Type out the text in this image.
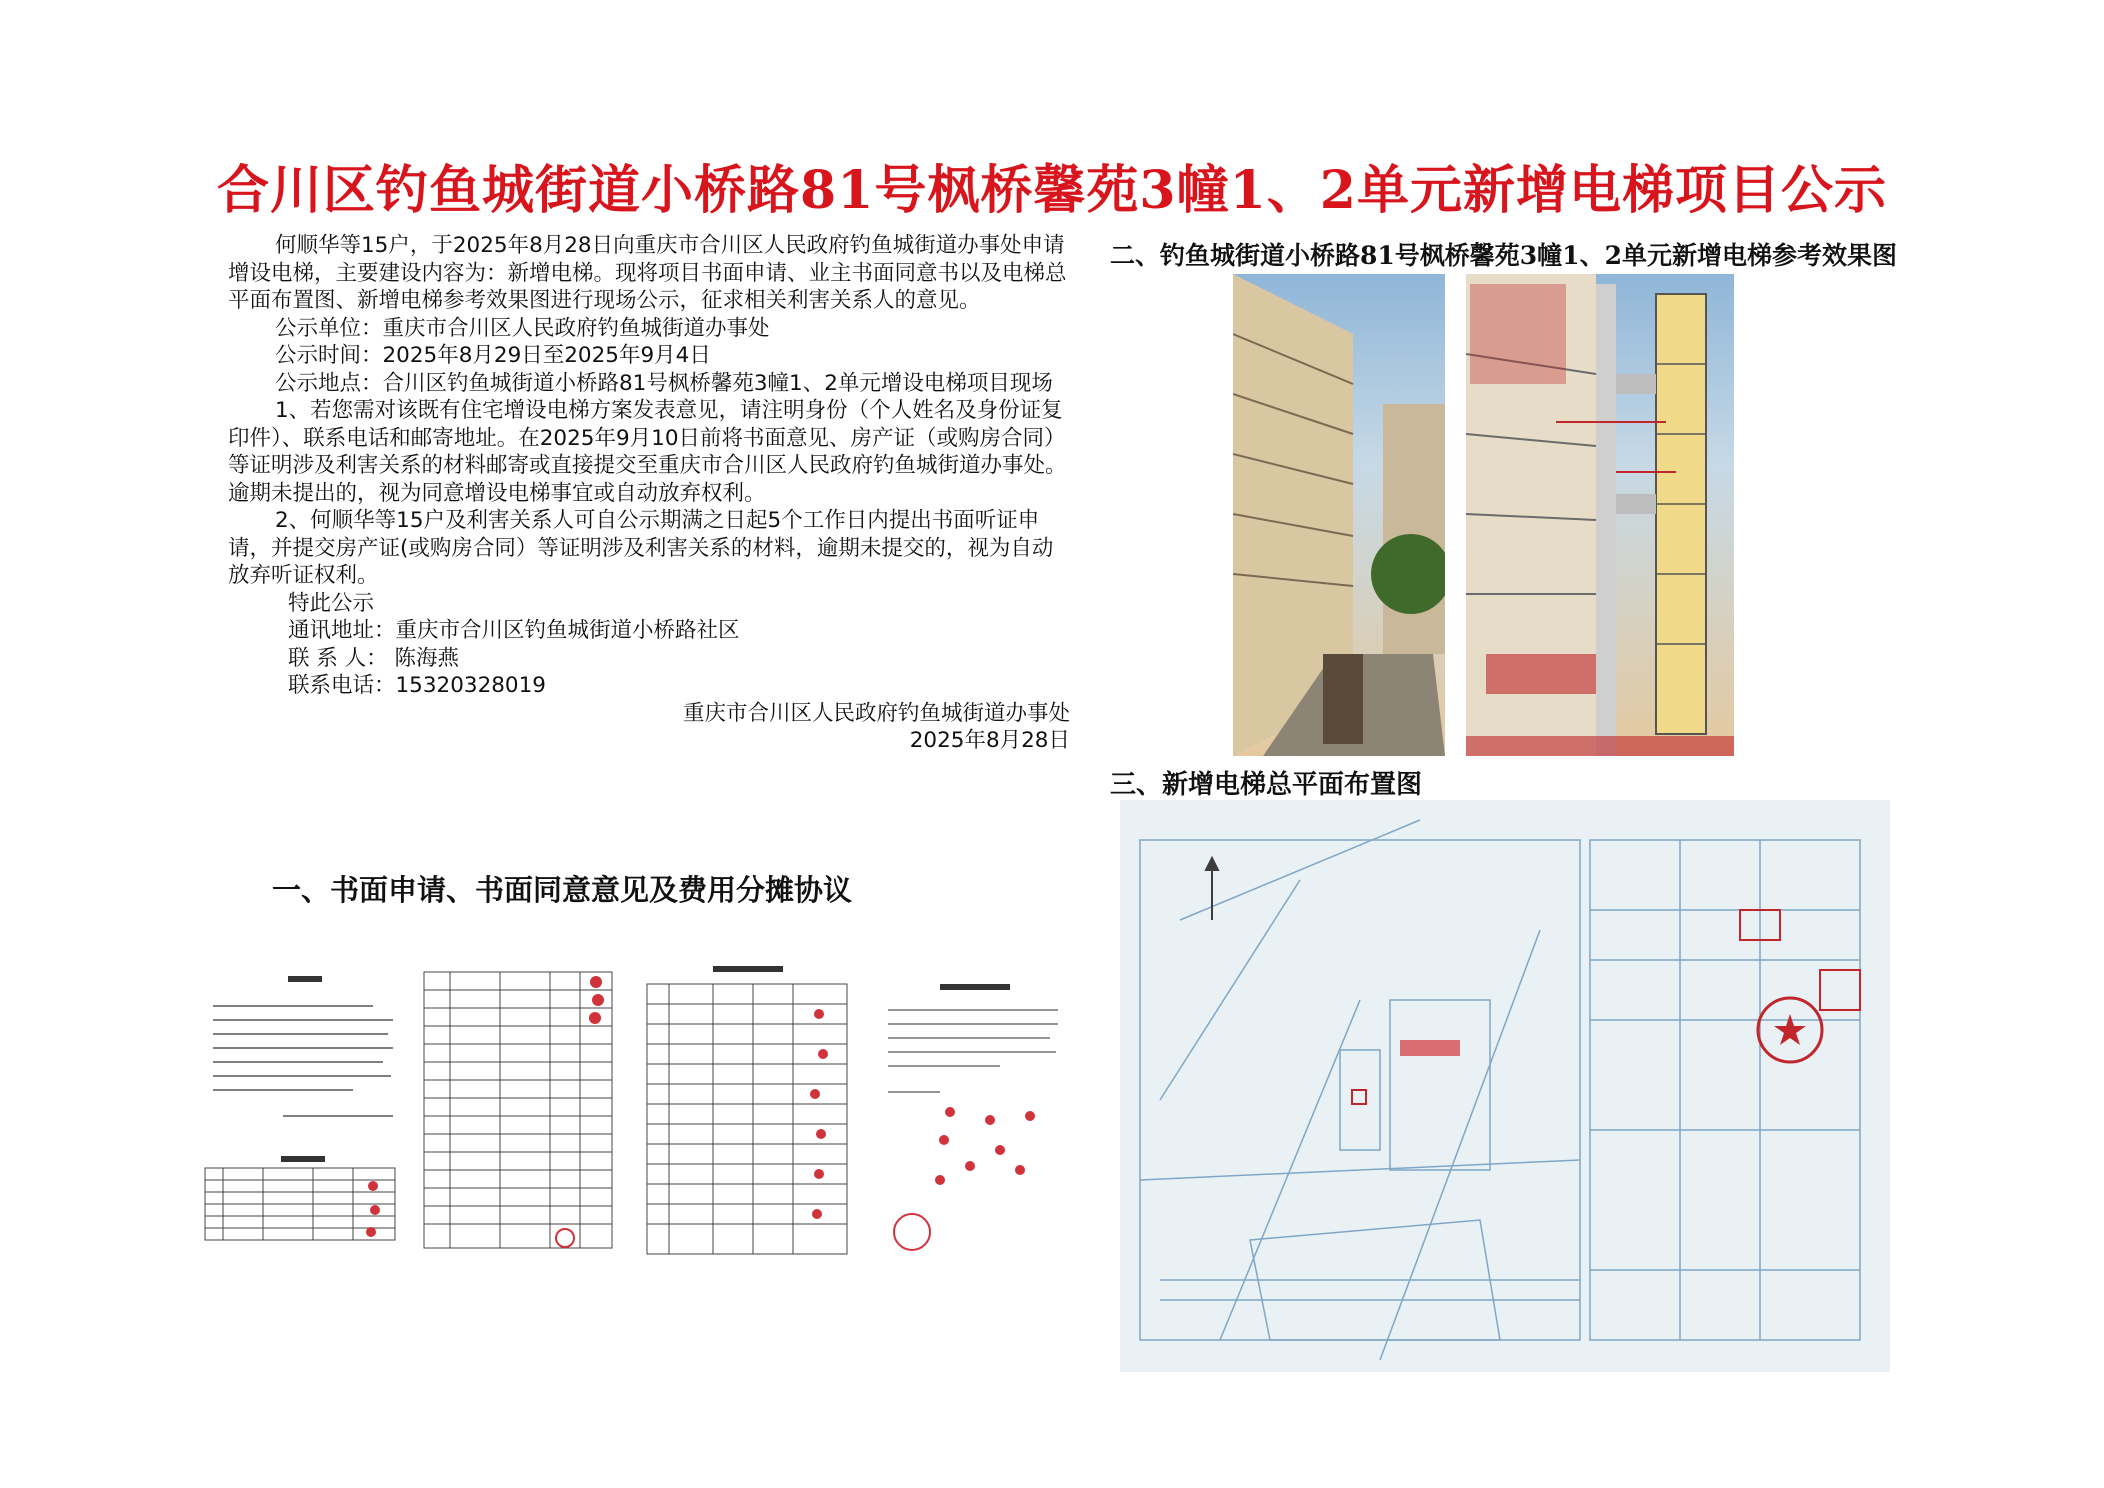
合川区钓鱼城街道小桥路81号枫桥馨苑3幢1、2单元新增电梯项目公示

何顺华等15户，于2025年8月28日向重庆市合川区人民政府钓鱼城街道办事处申请增设电梯，主要建设内容为：新增电梯。现将项目书面申请、业主书面同意书以及电梯总平面布置图、新增电梯参考效果图进行现场公示，征求相关利害关系人的意见。

公示单位：重庆市合川区人民政府钓鱼城街道办事处

公示时间：2025年8月29日至2025年9月4日

公示地点：合川区钓鱼城街道小桥路81号枫桥馨苑3幢1、2单元增设电梯项目现场

1、若您需对该既有住宅增设电梯方案发表意见，请注明身份（个人姓名及身份证复印件）、联系电话和邮寄地址。在2025年9月10日前将书面意见、房产证（或购房合同）等证明涉及利害关系的材料邮寄或直接提交至重庆市合川区人民政府钓鱼城街道办事处。逾期未提出的，视为同意增设电梯事宜或自动放弃权利。

2、何顺华等15户及利害关系人可自公示期满之日起5个工作日内提出书面听证申请，并提交房产证(或购房合同）等证明涉及利害关系的材料，逾期未提交的，视为自动放弃听证权利。

特此公示

通讯地址：重庆市合川区钓鱼城街道小桥路社区

联 系 人： 陈海燕

联系电话：15320328019

重庆市合川区人民政府钓鱼城街道办事处

2025年8月28日

一、书面申请、书面同意意见及费用分摊协议
二、钓鱼城街道小桥路81号枫桥馨苑3幢1、2单元新增电梯参考效果图
三、新增电梯总平面布置图
